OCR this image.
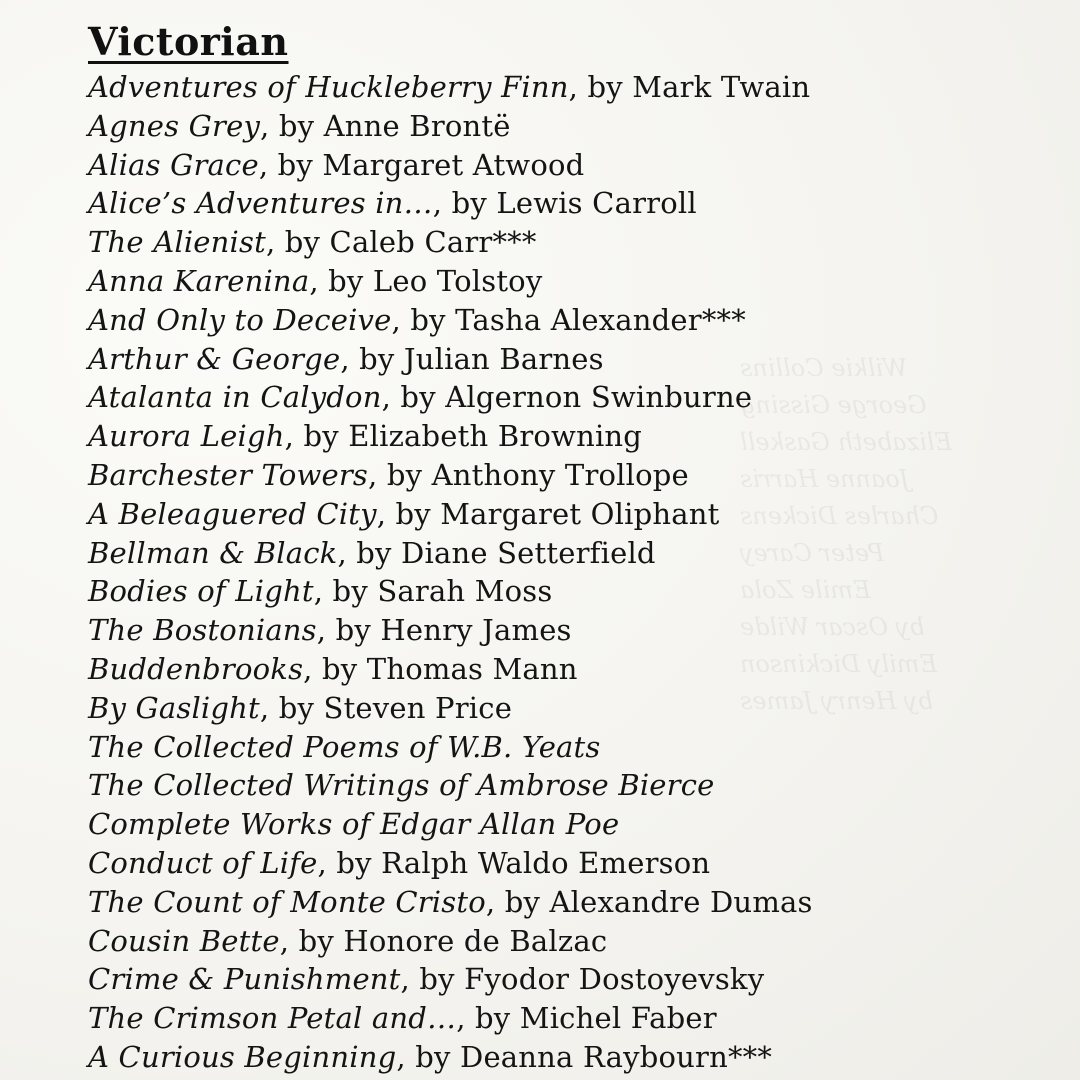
Wilkie Collins
George Gissing
Elizabeth Gaskell
Joanne Harris
Charles Dickens
Peter Carey
Emile Zola
by Oscar Wilde
Emily Dickinson
by Henry James
Victorian
Adventures of Huckleberry Finn, by Mark Twain
Agnes Grey, by Anne Brontë
Alias Grace, by Margaret Atwood
Alice’s Adventures in…, by Lewis Carroll
The Alienist, by Caleb Carr***
Anna Karenina, by Leo Tolstoy
And Only to Deceive, by Tasha Alexander***
Arthur & George, by Julian Barnes
Atalanta in Calydon, by Algernon Swinburne
Aurora Leigh, by Elizabeth Browning
Barchester Towers, by Anthony Trollope
A Beleaguered City, by Margaret Oliphant
Bellman & Black, by Diane Setterfield
Bodies of Light, by Sarah Moss
The Bostonians, by Henry James
Buddenbrooks, by Thomas Mann
By Gaslight, by Steven Price
The Collected Poems of W.B. Yeats
The Collected Writings of Ambrose Bierce
Complete Works of Edgar Allan Poe
Conduct of Life, by Ralph Waldo Emerson
The Count of Monte Cristo, by Alexandre Dumas
Cousin Bette, by Honore de Balzac
Crime & Punishment, by Fyodor Dostoyevsky
The Crimson Petal and…, by Michel Faber
A Curious Beginning, by Deanna Raybourn***
